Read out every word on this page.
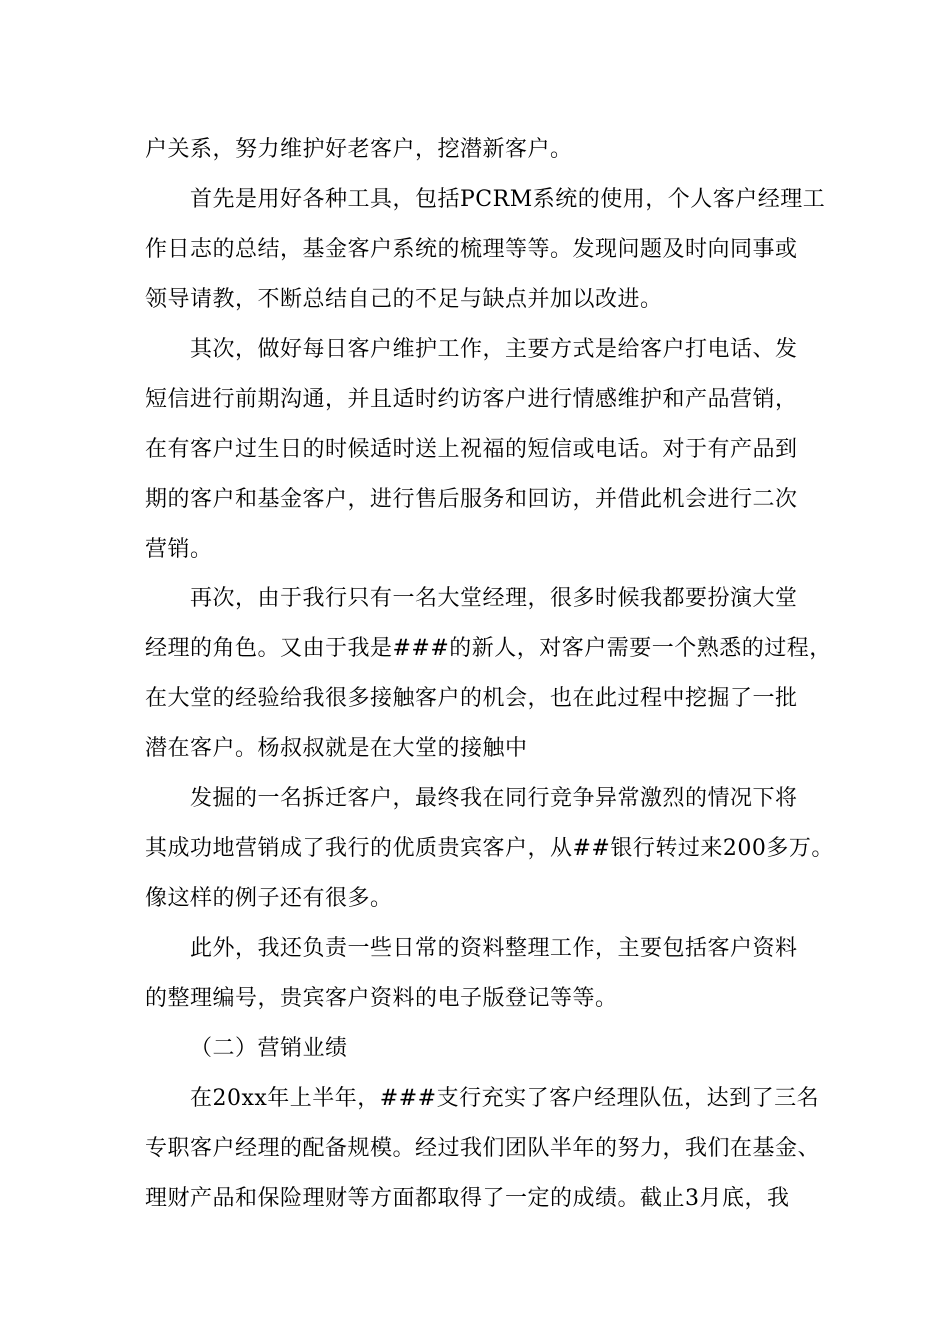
户关系，努力维护好老客户，挖潜新客户。
首先是用好各种工具，包括PCRM系统的使用，个人客户经理工
作日志的总结，基金客户系统的梳理等等。发现问题及时向同事或
领导请教，不断总结自己的不足与缺点并加以改进。
其次，做好每日客户维护工作，主要方式是给客户打电话、发
短信进行前期沟通，并且适时约访客户进行情感维护和产品营销，
在有客户过生日的时候适时送上祝福的短信或电话。对于有产品到
期的客户和基金客户，进行售后服务和回访，并借此机会进行二次
营销。
再次，由于我行只有一名大堂经理，很多时候我都要扮演大堂
经理的角色。又由于我是###的新人，对客户需要一个熟悉的过程，
在大堂的经验给我很多接触客户的机会，也在此过程中挖掘了一批
潜在客户。杨叔叔就是在大堂的接触中
发掘的一名拆迁客户，最终我在同行竞争异常激烈的情况下将
其成功地营销成了我行的优质贵宾客户，从##银行转过来200多万。
像这样的例子还有很多。
此外，我还负责一些日常的资料整理工作，主要包括客户资料
的整理编号，贵宾客户资料的电子版登记等等。
（二）营销业绩
在20xx年上半年，###支行充实了客户经理队伍，达到了三名
专职客户经理的配备规模。经过我们团队半年的努力，我们在基金、
理财产品和保险理财等方面都取得了一定的成绩。截止3月底，我
